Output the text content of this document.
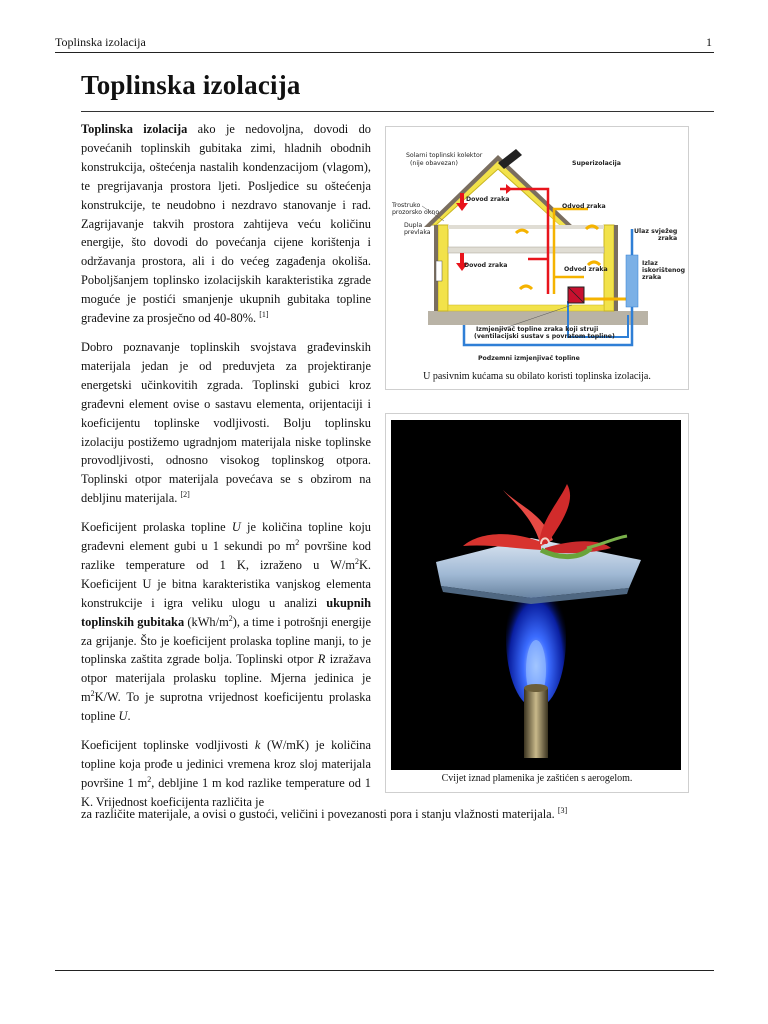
Toplinska izolacija	1
Toplinska izolacija

Toplinska izolacija ako je nedovoljna, dovodi do povećanih toplinskih gubitaka zimi, hladnih obodnih konstrukcija, oštećenja nastalih kondenzacijom (vlagom), te pregrijavanja prostora ljeti. Posljedice su oštećenja konstrukcije, te neudobno i nezdravo stanovanje i rad. Zagrijavanje takvih prostora zahtijeva veću količinu energije, što dovodi do povećanja cijene korištenja i održavanja prostora, ali i do većeg zagađenja okoliša. Poboljšanjem toplinsko izolacijskih karakteristika zgrade moguće je postići smanjenje ukupnih gubitaka topline građevine za prosječno od 40-80%. [1]

Dobro poznavanje toplinskih svojstava građevinskih materijala jedan je od preduvjeta za projektiranje energetski učinkovitih zgrada. Toplinski gubici kroz građevni element ovise o sastavu elementa, orijentaciji i koeficijentu toplinske vodljivosti. Bolju toplinsku izolaciju postižemo ugradnjom materijala niske toplinske provodljivosti, odnosno visokog toplinskog otpora. Toplinski otpor materijala povećava se s obzirom na debljinu materijala. [2]

Koeficijent prolaska topline U je količina topline koju građevni element gubi u 1 sekundi po $m^2$ površine kod razlike temperature od 1 K, izraženo u $W/m^2K$. Koeficijent U je bitna karakteristika vanjskog elementa konstrukcije i igra veliku ulogu u analizi ukupnih toplinskih gubitaka $(kWh/m^2)$, a time i potrošnji energije za grijanje. Što je koeficijent prolaska topline manji, to je toplinska zaštita zgrade bolja. Toplinski otpor R izražava otpor materijala prolasku topline. Mjerna jedinica je $m^2K/W$. To je suprotna vrijednost koeficijentu prolaska topline U.

Koeficijent toplinske vodljivosti k (W/mK) je količina topline koja prođe u jedinici vremena kroz sloj materijala površine 1 $m^2$, debljine 1 m kod razlike temperature od 1 K. Vrijednost koeficijenta različita je

za različite materijale, a ovisi o gustoći, veličini i povezanosti pora i stanju vlažnosti materijala. [3]

Solarni toplinski kolektor
(nije obavezan)	Superizolacija
Trostruko
prozorsko okno
Dupla
prevlaka
Dovod zraka
Odvod zraka
Dovod zraka
Odvod zraka
Ulaz svježeg
zraka
Izlaz
iskorištenog
zraka
Izmjenjivač topline zraka koji struji
(ventilacijski sustav s povratom topline)
Podzemni izmjenjivač topline
U pasivnim kućama su obilato koristi toplinska izolacija.
Cvijet iznad plamenika je zaštićen s aerogelom.
